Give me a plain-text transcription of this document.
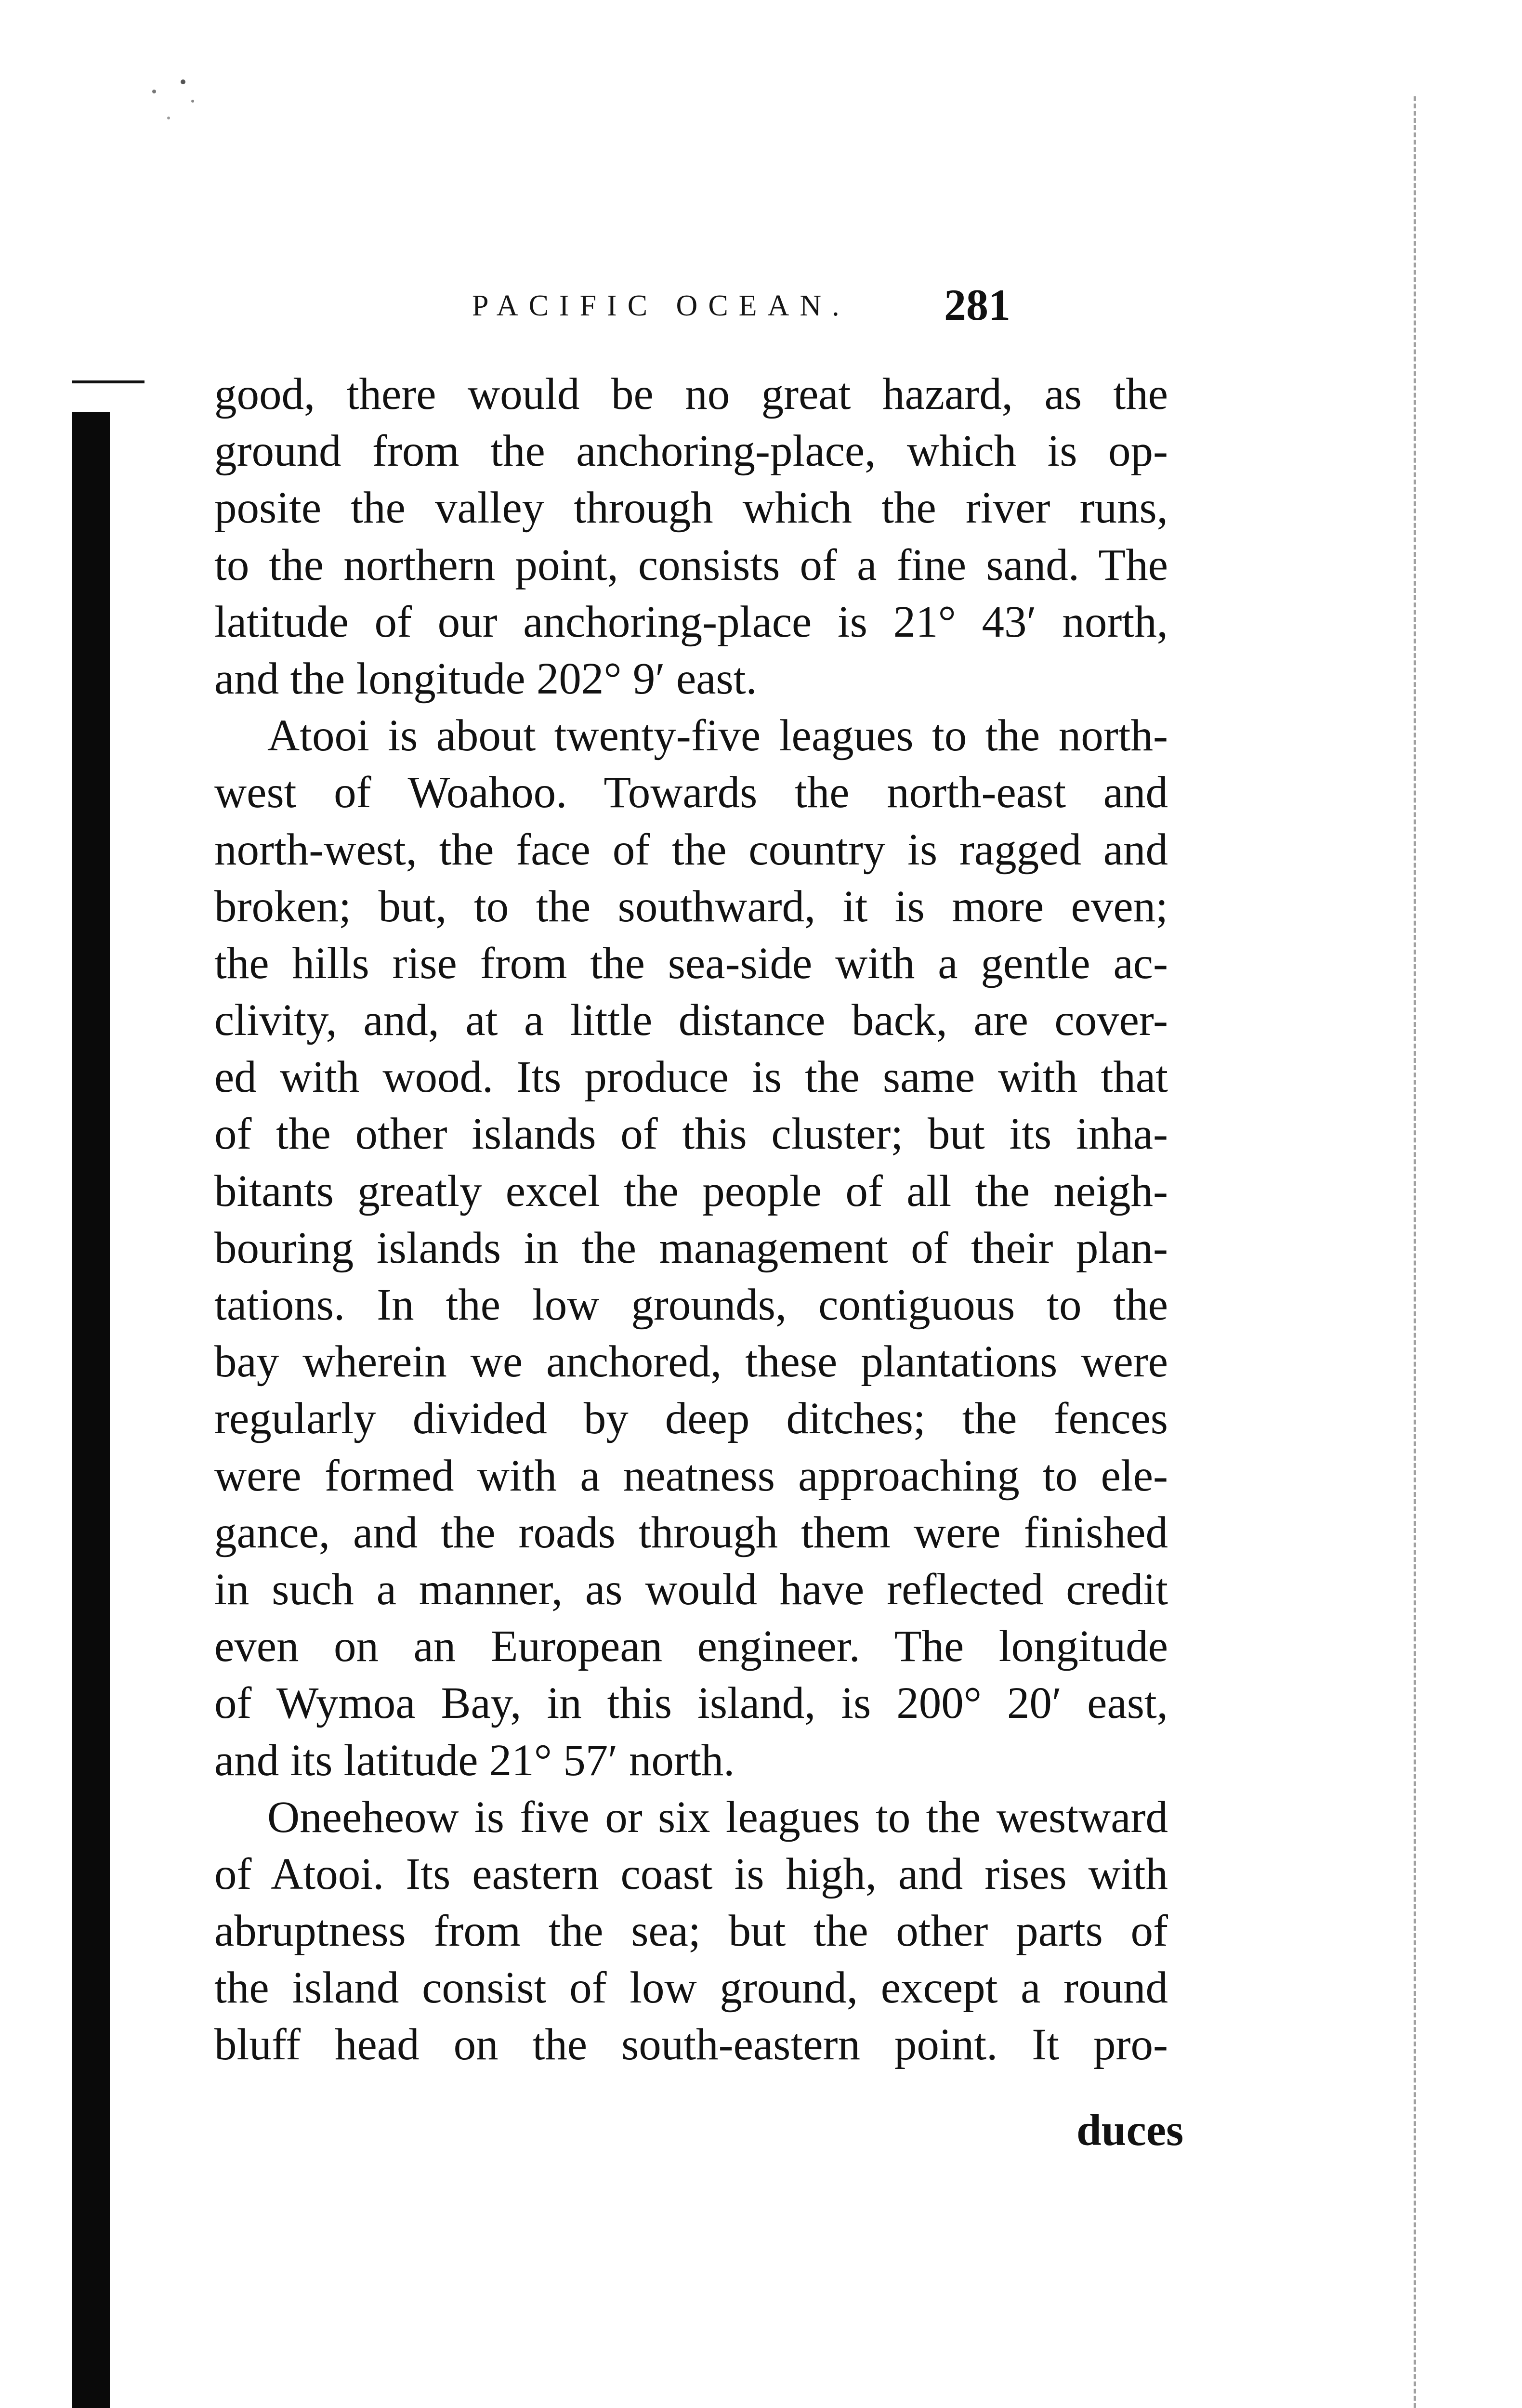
PACIFIC OCEAN. 281
good, there would be no great hazard, as the
ground from the anchoring-place, which is op-
posite the valley through which the river runs,
to the northern point, consists of a fine sand. The
latitude of our anchoring-place is 21° 43′ north,
and the longitude 202° 9′ east.
Atooi is about twenty-five leagues to the north-
west of Woahoo. Towards the north-east and
north-west, the face of the country is ragged and
broken; but, to the southward, it is more even;
the hills rise from the sea-side with a gentle ac-
clivity, and, at a little distance back, are cover-
ed with wood. Its produce is the same with that
of the other islands of this cluster; but its inha-
bitants greatly excel the people of all the neigh-
bouring islands in the management of their plan-
tations. In the low grounds, contiguous to the
bay wherein we anchored, these plantations were
regularly divided by deep ditches; the fences
were formed with a neatness approaching to ele-
gance, and the roads through them were finished
in such a manner, as would have reflected credit
even on an European engineer. The longitude
of Wymoa Bay, in this island, is 200° 20′ east,
and its latitude 21° 57′ north.
Oneeheow is five or six leagues to the westward
of Atooi. Its eastern coast is high, and rises with
abruptness from the sea; but the other parts of
the island consist of low ground, except a round
bluff head on the south-eastern point. It pro-
duces
